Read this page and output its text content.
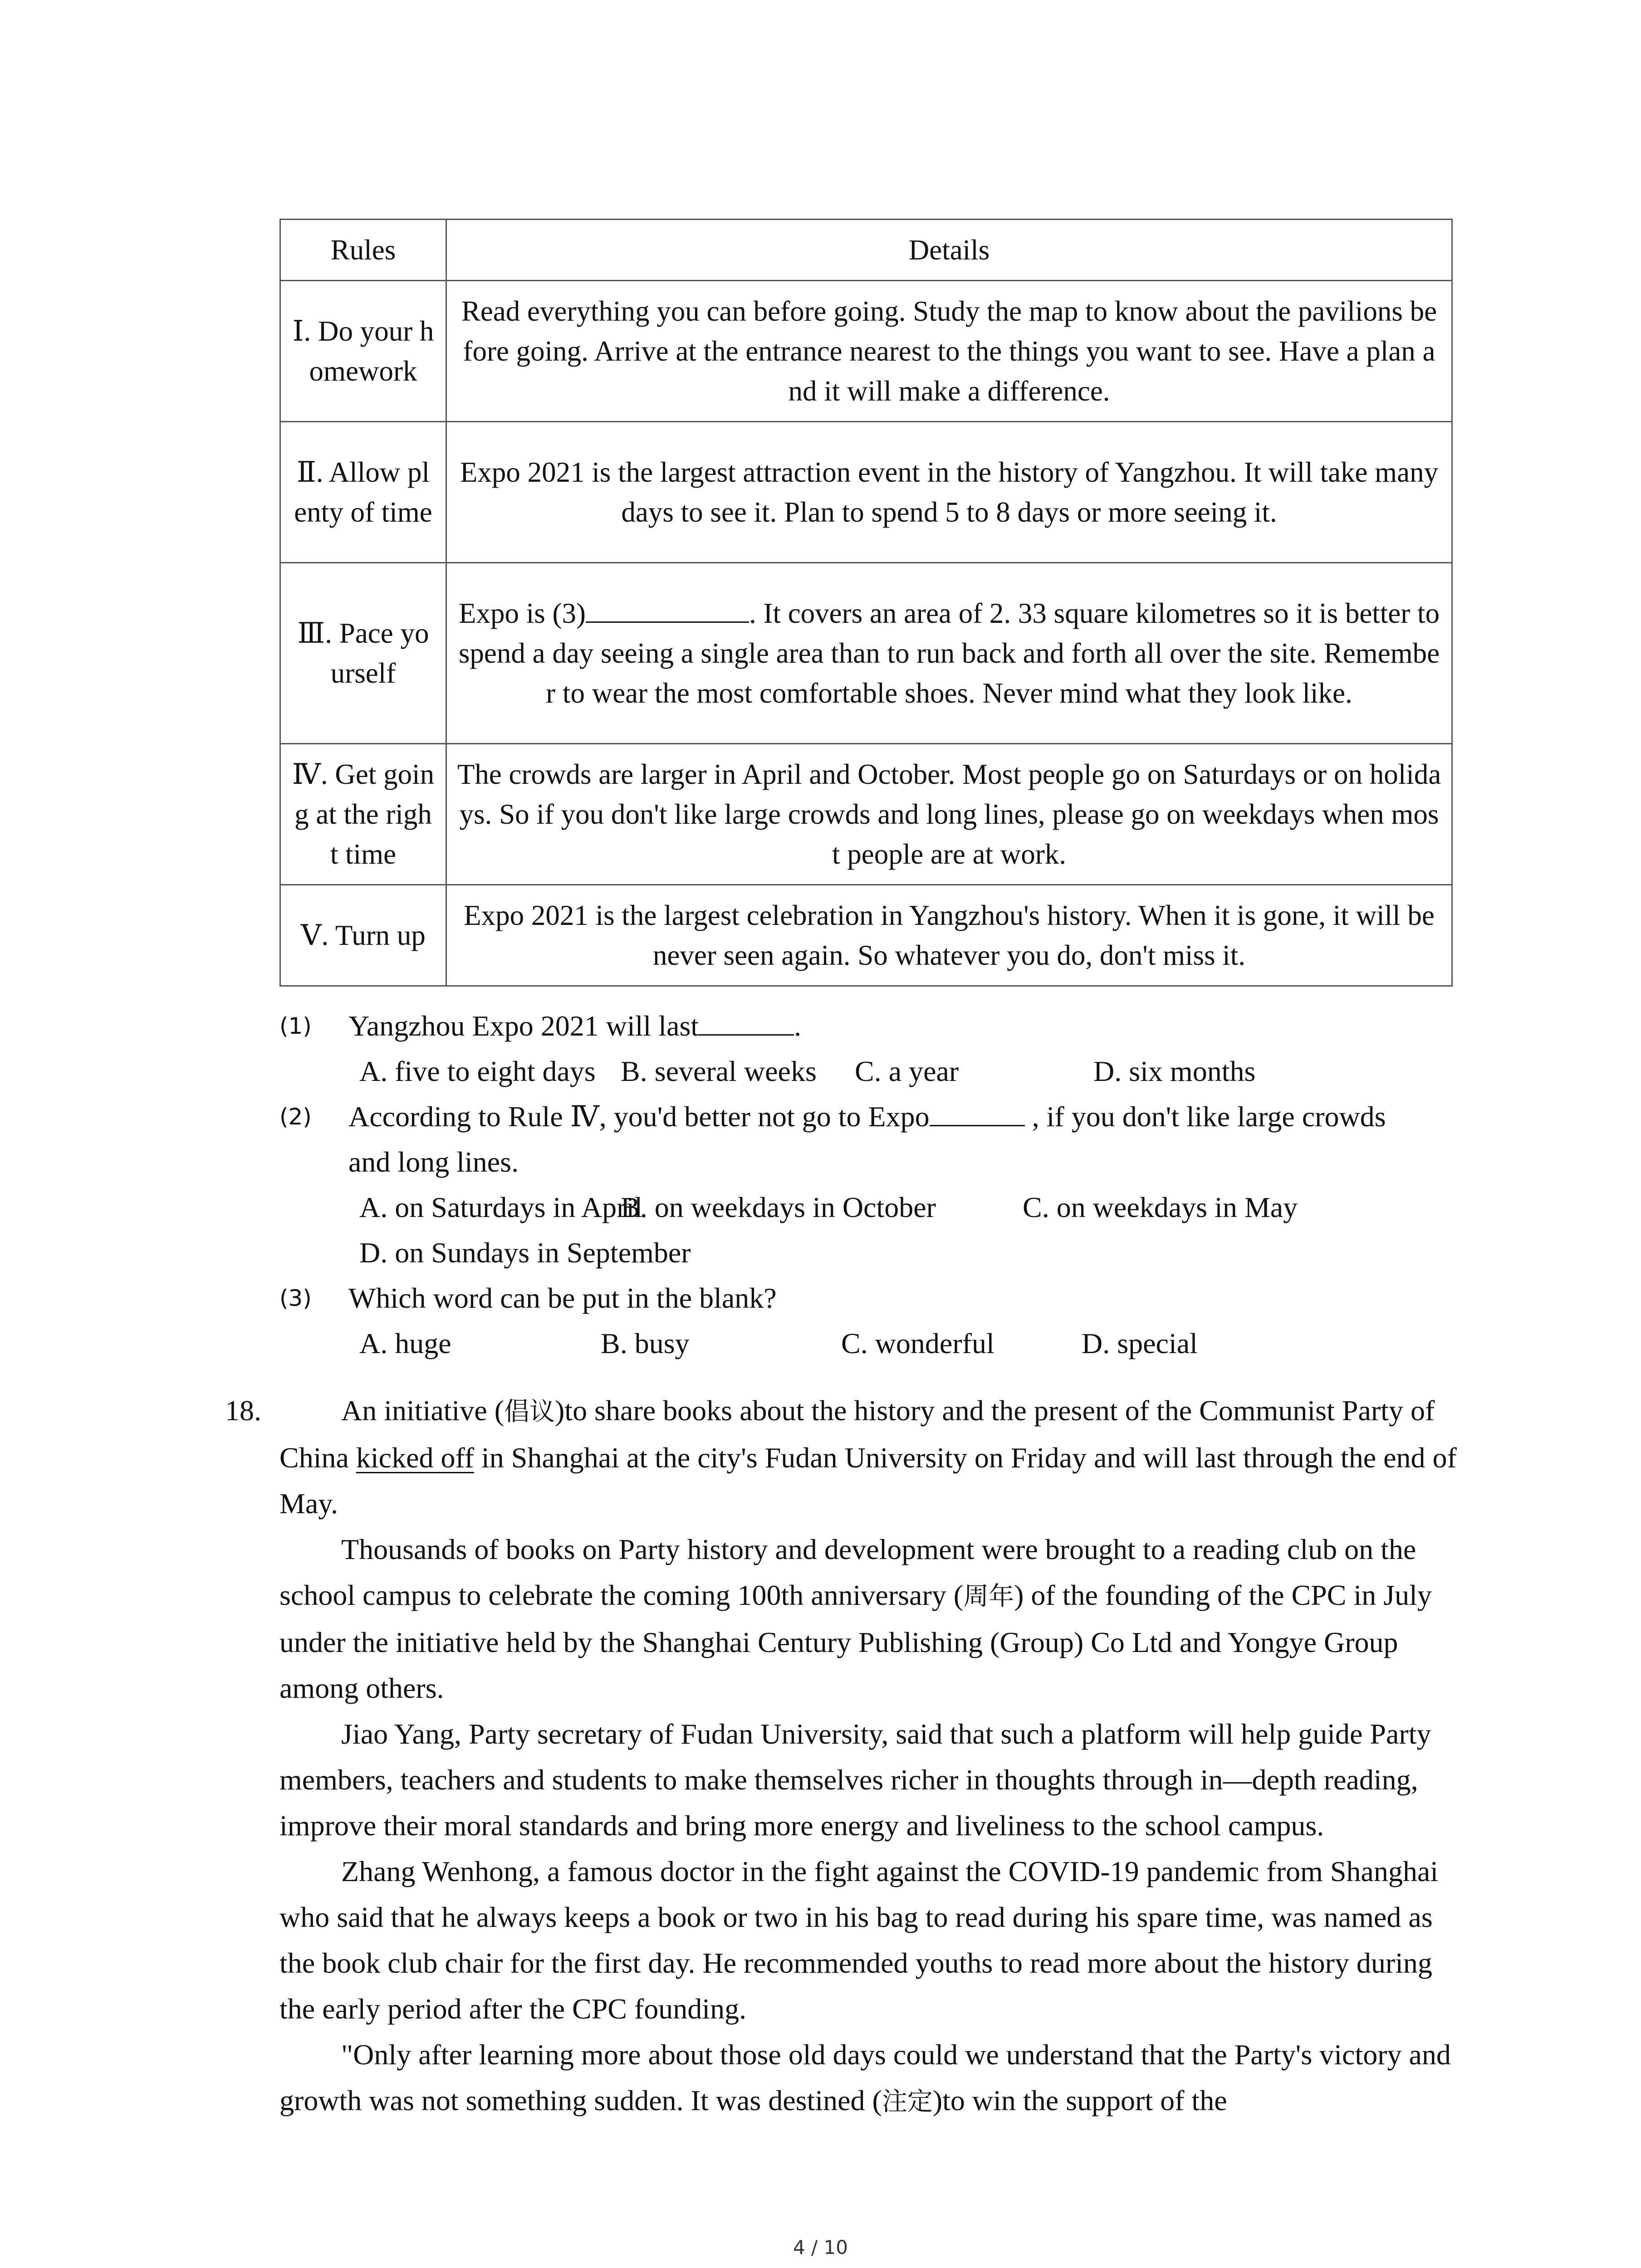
Rules	Details
Ⅰ. Do your homework	Read everything you can before going. Study the map to know about the pavilions before going. Arrive at the entrance nearest to the things you want to see. Have a plan and it will make a difference.
Ⅱ. Allow plenty of time	Expo 2021 is the largest attraction event in the history of Yangzhou. It will take many days to see it. Plan to spend 5 to 8 days or more seeing it.
Ⅲ. Pace yourself	Expo is (3) . It covers an area of 2. 33 square kilometres so it is better to spend a day seeing a single area than to run back and forth all over the site. Remember to wear the most comfortable shoes. Never mind what they look like.
Ⅳ. Get going at the right time	The crowds are larger in April and October. Most people go on Saturdays or on holidays. So if you don't like large crowds and long lines, please go on weekdays when most people are at work.
Ⅴ. Turn up	Expo 2021 is the largest celebration in Yangzhou's history. When it is gone, it will be never seen again. So whatever you do, don't miss it.
(1) Yangzhou Expo 2021 will last	.
A. five to eight days B. several weeks C. a year	D. six months
(2) According to Rule Ⅳ, you'd better not go to Expo	, if you don't like large crowds
and long lines.
A. on Saturdays in April
B. on weekdays in October	C. on weekdays in May
D. on Sundays in September
(3) Which word can be put in the blank?
A. huge	B. busy	C. wonderful	D. special
18.	An initiative (倡议)to share books about the history and the present of the Communist Party of China kicked off in Shanghai at the city's Fudan University on Friday and will last through the end of May.

Thousands of books on Party history and development were brought to a reading club on the school campus to celebrate the coming 100th anniversary (周年) of the founding of the CPC in July under the initiative held by the Shanghai Century Publishing (Group) Co Ltd and Yongye Group among others.

Jiao Yang, Party secretary of Fudan University, said that such a platform will help guide Party members, teachers and students to make themselves richer in thoughts through in—depth reading, improve their moral standards and bring more energy and liveliness to the school campus.

Zhang Wenhong, a famous doctor in the fight against the COVID-19 pandemic from Shanghai who said that he always keeps a book or two in his bag to read during his spare time, was named as the book club chair for the first day. He recommended youths to read more about the history during the early period after the CPC founding.

"Only after learning more about those old days could we understand that the Party's victory and growth was not something sudden. It was destined (注定)to win the support of the

4 / 10
